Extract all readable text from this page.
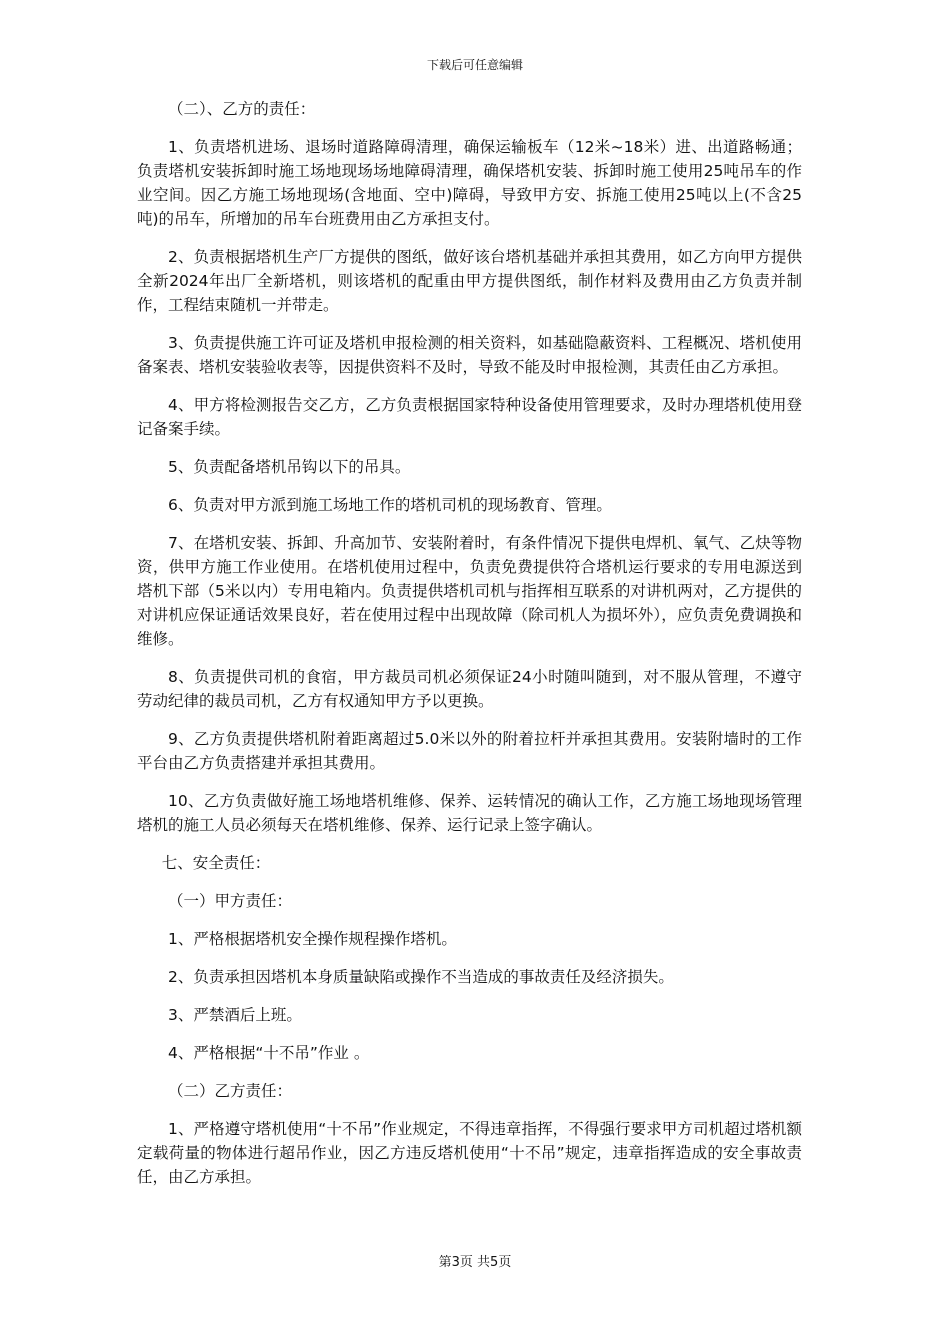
下载后可任意编辑

（二）、乙方的责任：

1、负责塔机进场、退场时道路障碍清理，确保运输板车（12米~18米）进、出道路畅通；负责塔机安装拆卸时施工场地现场场地障碍清理，确保塔机安装、拆卸时施工使用25吨吊车的作业空间。因乙方施工场地现场(含地面、空中)障碍，导致甲方安、拆施工使用25吨以上(不含25吨)的吊车，所增加的吊车台班费用由乙方承担支付。

2、负责根据塔机生产厂方提供的图纸，做好该台塔机基础并承担其费用，如乙方向甲方提供全新2024年出厂全新塔机，则该塔机的配重由甲方提供图纸，制作材料及费用由乙方负责并制作，工程结束随机一并带走。

3、负责提供施工许可证及塔机申报检测的相关资料，如基础隐蔽资料、工程概况、塔机使用备案表、塔机安装验收表等，因提供资料不及时，导致不能及时申报检测，其责任由乙方承担。

4、甲方将检测报告交乙方，乙方负责根据国家特种设备使用管理要求，及时办理塔机使用登记备案手续。

5、负责配备塔机吊钩以下的吊具。

6、负责对甲方派到施工场地工作的塔机司机的现场教育、管理。

7、在塔机安装、拆卸、升高加节、安装附着时，有条件情况下提供电焊机、氧气、乙炔等物资，供甲方施工作业使用。在塔机使用过程中，负责免费提供符合塔机运行要求的专用电源送到塔机下部（5米以内）专用电箱内。负责提供塔机司机与指挥相互联系的对讲机两对，乙方提供的对讲机应保证通话效果良好，若在使用过程中出现故障（除司机人为损坏外），应负责免费调换和维修。

8、负责提供司机的食宿，甲方裁员司机必须保证24小时随叫随到，对不服从管理，不遵守劳动纪律的裁员司机，乙方有权通知甲方予以更换。

9、乙方负责提供塔机附着距离超过5.0米以外的附着拉杆并承担其费用。安装附墙时的工作平台由乙方负责搭建并承担其费用。

10、乙方负责做好施工场地塔机维修、保养、运转情况的确认工作，乙方施工场地现场管理塔机的施工人员必须每天在塔机维修、保养、运行记录上签字确认。

七、安全责任：

（一）甲方责任：

1、严格根据塔机安全操作规程操作塔机。

2、负责承担因塔机本身质量缺陷或操作不当造成的事故责任及经济损失。

3、严禁酒后上班。

4、严格根据“十不吊”作业 。

（二）乙方责任：

1、严格遵守塔机使用“十不吊”作业规定，不得违章指挥，不得强行要求甲方司机超过塔机额定载荷量的物体进行超吊作业，因乙方违反塔机使用“十不吊”规定，违章指挥造成的安全事故责任，由乙方承担。

第3页 共5页
